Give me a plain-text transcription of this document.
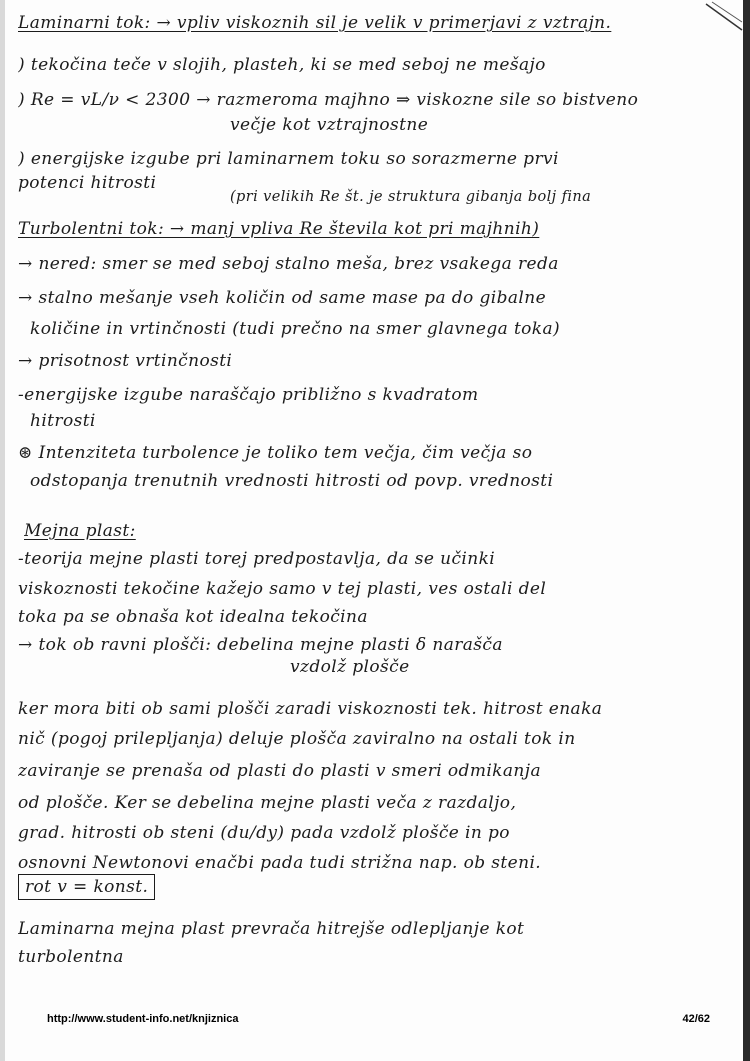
Laminarni tok: → vpliv viskoznih sil je velik v primerjavi z vztrajn.
) tekočina teče v slojih, plasteh, ki se med seboj ne mešajo
) Re = vL/ν < 2300 → razmeroma majhno ⇒ viskozne sile so bistveno
večje kot vztrajnostne
) energijske izgube pri laminarnem toku so sorazmerne prvi
potenci hitrosti
(pri velikih Re št. je struktura gibanja bolj fina
Turbolentni tok: → manj vpliva Re števila kot pri majhnih)
→ nered: smer se med seboj stalno meša, brez vsakega reda
→ stalno mešanje vseh količin od same mase pa do gibalne
količine in vrtinčnosti (tudi prečno na smer glavnega toka)
→ prisotnost vrtinčnosti
-energijske izgube naraščajo približno s kvadratom
hitrosti
⊛ Intenziteta turbolence je toliko tem večja, čim večja so
odstopanja trenutnih vrednosti hitrosti od povp. vrednosti
Mejna plast:
-teorija mejne plasti torej predpostavlja, da se učinki
viskoznosti tekočine kažejo samo v tej plasti, ves ostali del
toka pa se obnaša kot idealna tekočina
→ tok ob ravni plošči: debelina mejne plasti δ narašča
vzdolž plošče
ker mora biti ob sami plošči zaradi viskoznosti tek. hitrost enaka
nič (pogoj prilepljanja) deluje plošča zaviralno na ostali tok in
zaviranje se prenaša od plasti do plasti v smeri odmikanja
od plošče. Ker se debelina mejne plasti veča z razdaljo,
grad. hitrosti ob steni (du/dy) pada vzdolž plošče in po
osnovni Newtonovi enačbi pada tudi strižna nap. ob steni.
rot v = konst.
Laminarna mejna plast prevrača hitrejše odlepljanje kot
turbolentna
http://www.student-info.net/knjiznica	42/62
